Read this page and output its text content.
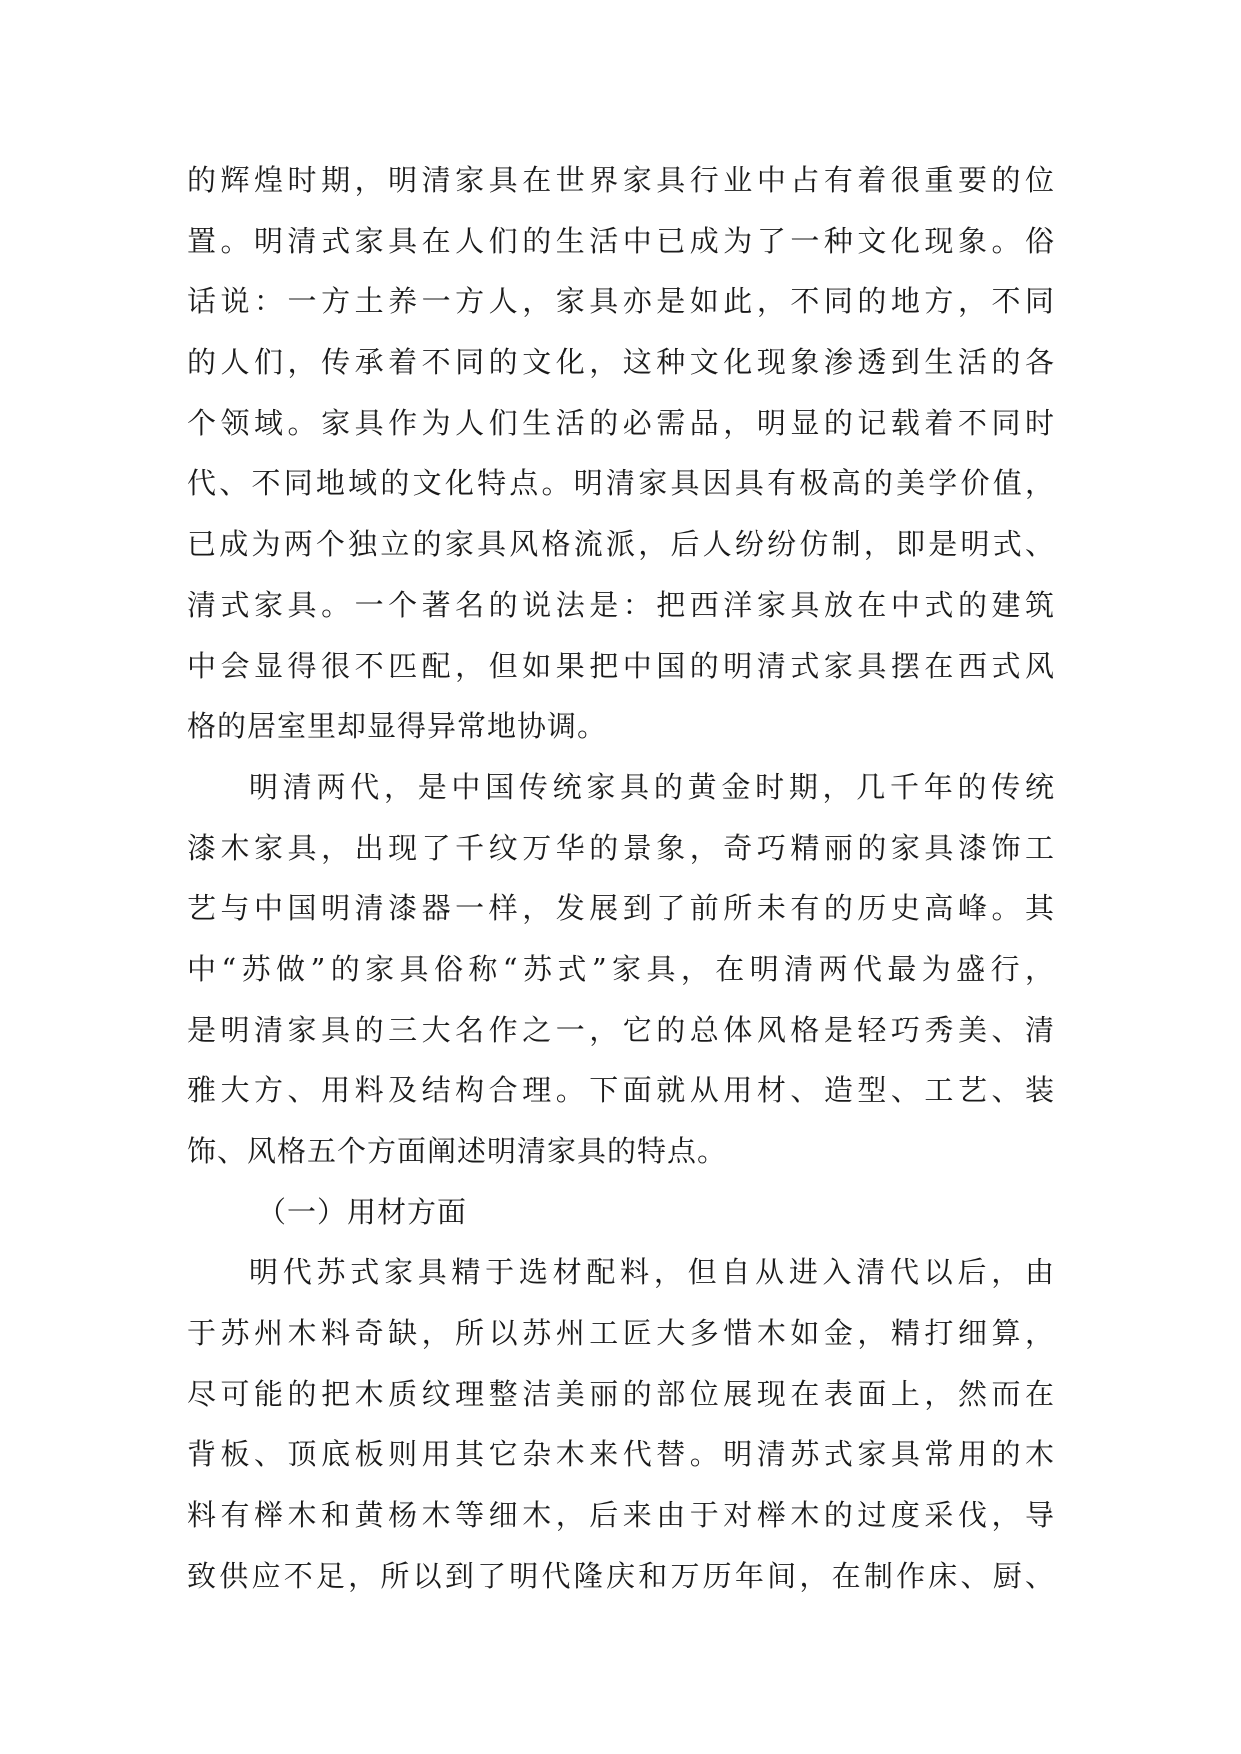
的辉煌时期，明清家具在世界家具行业中占有着很重要的位
置。明清式家具在人们的生活中已成为了一种文化现象。俗
话说：一方土养一方人，家具亦是如此，不同的地方，不同
的人们，传承着不同的文化，这种文化现象渗透到生活的各
个领域。家具作为人们生活的必需品，明显的记载着不同时
代、不同地域的文化特点。明清家具因具有极高的美学价值，
已成为两个独立的家具风格流派，后人纷纷仿制，即是明式、
清式家具。一个著名的说法是：把西洋家具放在中式的建筑
中会显得很不匹配，但如果把中国的明清式家具摆在西式风
格的居室里却显得异常地协调。
明清两代，是中国传统家具的黄金时期，几千年的传统
漆木家具，出现了千纹万华的景象，奇巧精丽的家具漆饰工
艺与中国明清漆器一样，发展到了前所未有的历史高峰。其
中“苏做”的家具俗称“苏式”家具，在明清两代最为盛行，
是明清家具的三大名作之一，它的总体风格是轻巧秀美、清
雅大方、用料及结构合理。下面就从用材、造型、工艺、装
饰、风格五个方面阐述明清家具的特点。
（一）用材方面
明代苏式家具精于选材配料，但自从进入清代以后，由
于苏州木料奇缺，所以苏州工匠大多惜木如金，精打细算，
尽可能的把木质纹理整洁美丽的部位展现在表面上，然而在
背板、顶底板则用其它杂木来代替。明清苏式家具常用的木
料有榉木和黄杨木等细木，后来由于对榉木的过度采伐，导
致供应不足，所以到了明代隆庆和万历年间，在制作床、厨、
